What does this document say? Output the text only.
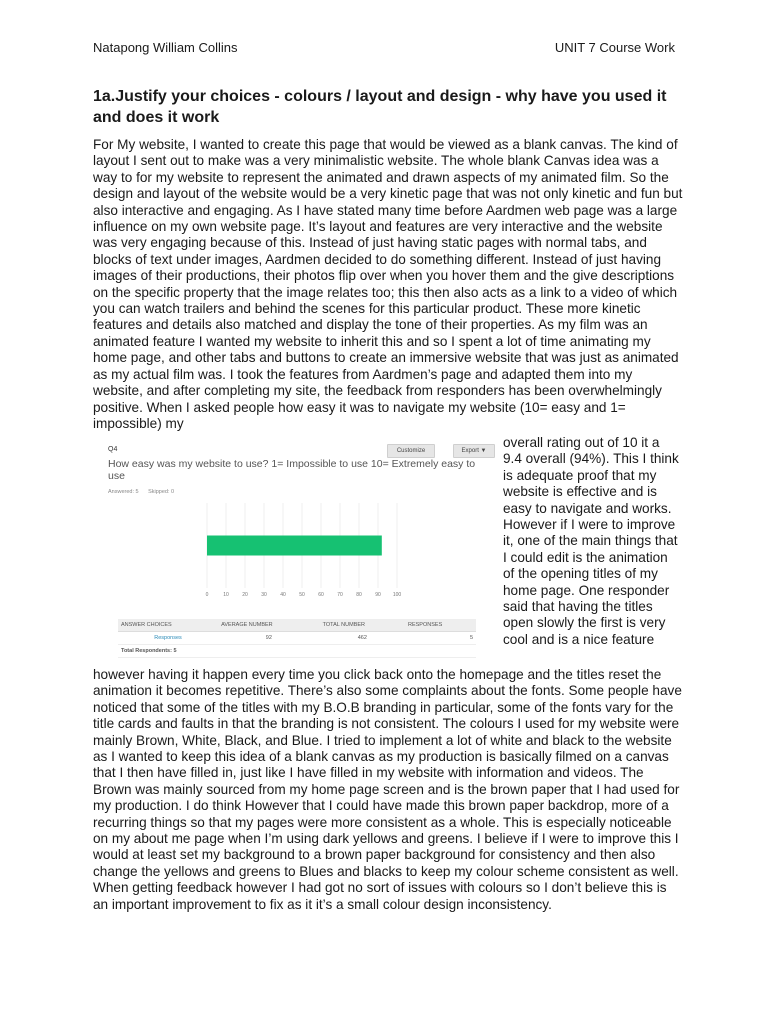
Natapong William Collins	UNIT 7 Course Work
1a.Justify your choices - colours / layout and design - why have you used it and does it work

For My website, I wanted to create this page that would be viewed as a blank canvas. The kind of layout I sent out to make was a very minimalistic website. The whole blank Canvas idea was a way to for my website to represent the animated and drawn aspects of my animated film. So the design and layout of the website would be a very kinetic page that was not only kinetic and fun but also interactive and engaging. As I have stated many time before Aardmen web page was a large influence on my own website page. It’s layout and features are very interactive and the website was very engaging because of this. Instead of just having static pages with normal tabs, and blocks of text under images, Aardmen decided to do something different. Instead of just having images of their productions, their photos flip over when you hover them and the give descriptions on the specific property that the image relates too; this then also acts as a link to a video of which you can watch trailers and behind the scenes for this particular product. These more kinetic features and details also matched and display the tone of their properties. As my film was an animated feature I wanted my website to inherit this and so I spent a lot of time animating my home page, and other tabs and buttons to create an immersive website that was just as animated as my actual film was. I took the features from Aardmen’s page and adapted them into my website, and after completing my site, the feedback from responders has been overwhelmingly positive. When I asked people how easy it was to navigate my website (10= easy and 1= impossible) my

Q4	Customize	Export ▼
How easy was my website to use? 1= Impossible to use 10= Extremely easy to use
Answered: 5 Skipped: 0
0	10	20	30	40	50	60	70	80	90 100
ANSWER CHOICES	AVERAGE NUMBER	TOTAL NUMBER	RESPONSES
Responses	92	462	5
Total Respondents: 5			
overall rating out of 10 it a 9.4 overall (94%). This I think is adequate proof that my website is effective and is easy to navigate and works. However if I were to improve it, one of the main things that I could edit is the animation of the opening titles of my home page. One responder said that having the titles open slowly the first is very cool and is a nice feature
however having it happen every time you click back onto the homepage and the titles reset the animation it becomes repetitive. There’s also some complaints about the fonts. Some people have noticed that some of the titles with my B.O.B branding in particular, some of the fonts vary for the title cards and faults in that the branding is not consistent. The colours I used for my website were mainly Brown, White, Black, and Blue. I tried to implement a lot of white and black to the website as I wanted to keep this idea of a blank canvas as my production is basically filmed on a canvas that I then have filled in, just like I have filled in my website with information and videos. The Brown was mainly sourced from my home page screen and is the brown paper that I had used for my production. I do think However that I could have made this brown paper backdrop, more of a recurring things so that my pages were more consistent as a whole. This is especially noticeable on my about me page when I’m using dark yellows and greens. I believe if I were to improve this I would at least set my background to a brown paper background for consistency and then also change the yellows and greens to Blues and blacks to keep my colour scheme consistent as well. When getting feedback however I had got no sort of issues with colours so I don’t believe this is an important improvement to fix as it it’s a small colour design inconsistency.
